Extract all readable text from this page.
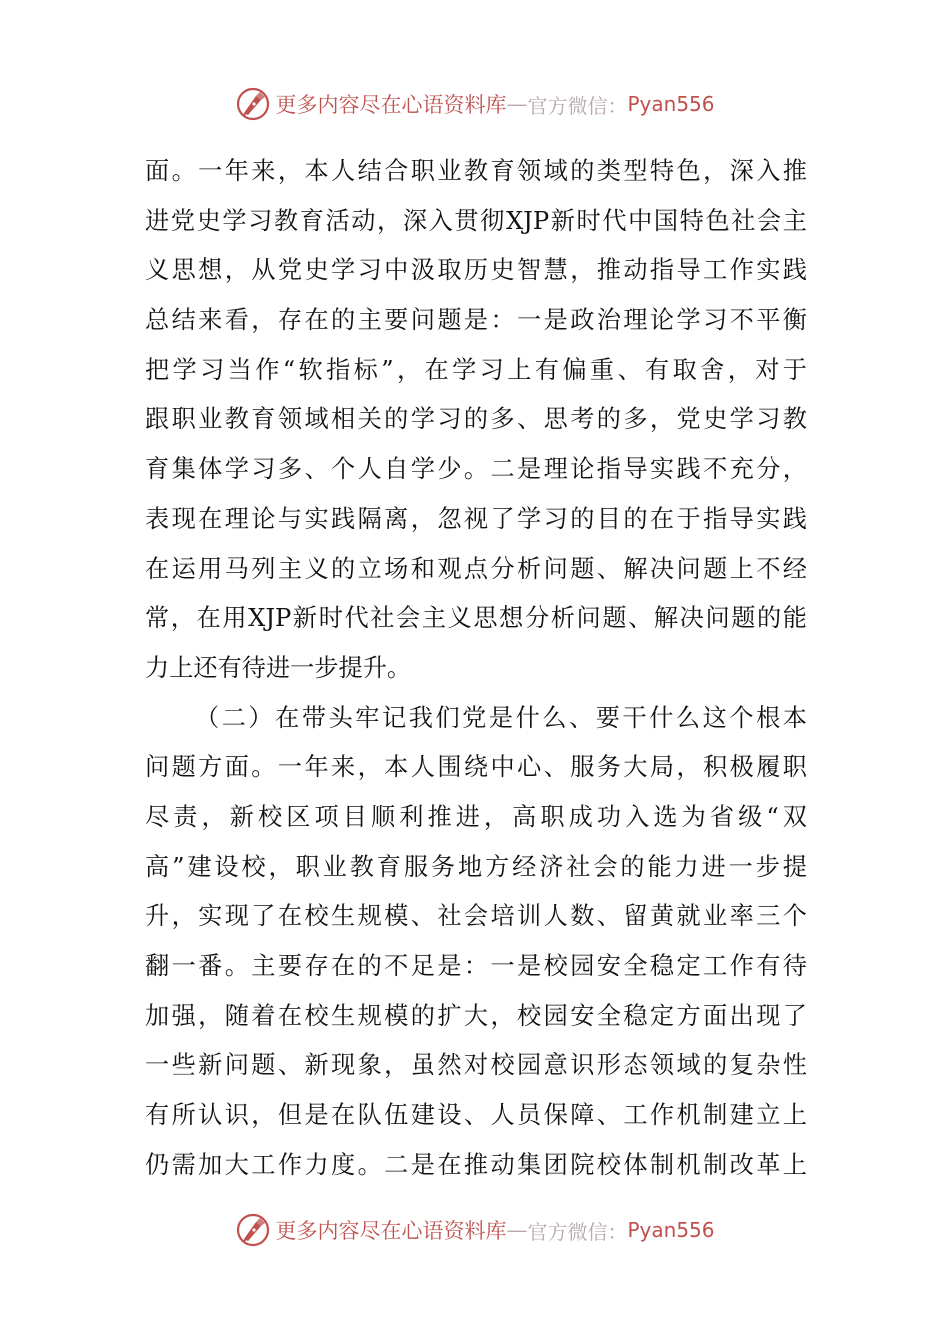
更多内容尽在心语资料库 — 官方微信： Pyan556
面。一年来，本人结合职业教育领域的类型特色，深入推
进党史学习教育活动，深入贯彻XJP新时代中国特色社会主
义思想，从党史学习中汲取历史智慧，推动指导工作实践
总结来看，存在的主要问题是：一是政治理论学习不平衡
把学习当作“软指标”，在学习上有偏重、有取舍，对于
跟职业教育领域相关的学习的多、思考的多，党史学习教
育集体学习多、个人自学少。二是理论指导实践不充分，
表现在理论与实践隔离，忽视了学习的目的在于指导实践
在运用马列主义的立场和观点分析问题、解决问题上不经
常，在用XJP新时代社会主义思想分析问题、解决问题的能
力上还有待进一步提升。
（二）在带头牢记我们党是什么、要干什么这个根本
问题方面。一年来，本人围绕中心、服务大局，积极履职
尽责，新校区项目顺利推进，高职成功入选为省级“双
高”建设校，职业教育服务地方经济社会的能力进一步提
升，实现了在校生规模、社会培训人数、留黄就业率三个
翻一番。主要存在的不足是：一是校园安全稳定工作有待
加强，随着在校生规模的扩大，校园安全稳定方面出现了
一些新问题、新现象，虽然对校园意识形态领域的复杂性
有所认识，但是在队伍建设、人员保障、工作机制建立上
仍需加大工作力度。二是在推动集团院校体制机制改革上
更多内容尽在心语资料库 — 官方微信： Pyan556
